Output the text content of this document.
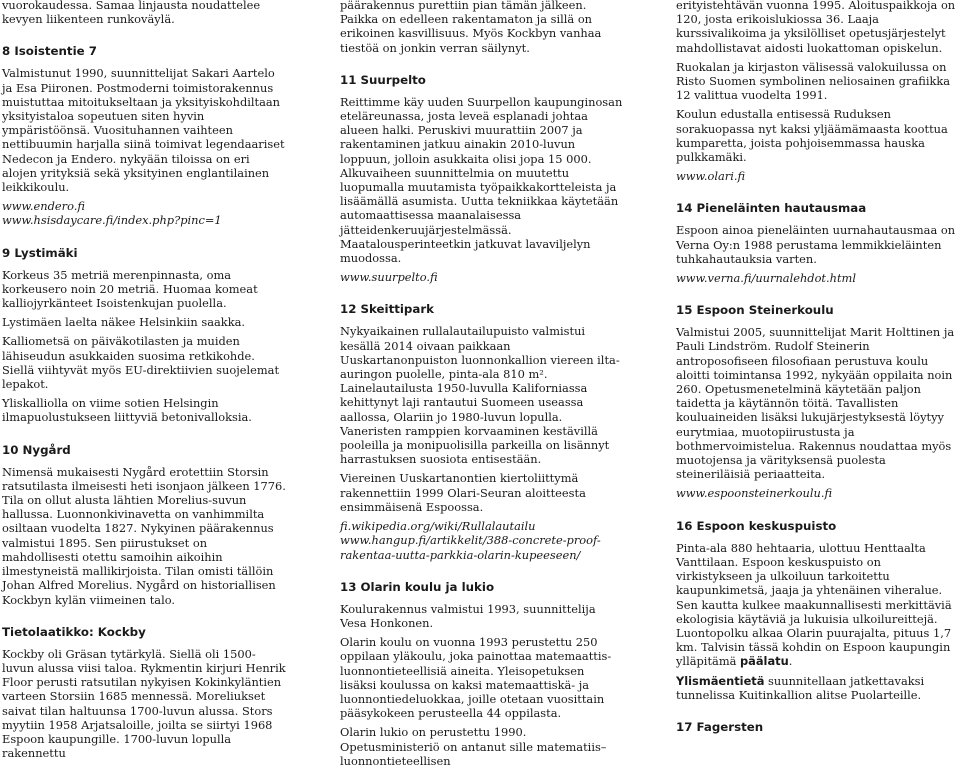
vuorokaudessa. Samaa linjausta noudattelee kevyen liikenteen runkoväylä.

8 Isoistentie 7

Valmistunut 1990, suunnittelijat Sakari Aartelo ja Esa Piironen. Postmoderni toimistorakennus muistuttaa mitoitukseltaan ja yksityiskohdiltaan yksityistaloa sopeutuen siten hyvin ympäristöönsä. Vuosituhannen vaihteen nettibuumin harjalla siinä toimivat legendaariset Nedecon ja Endero. nykyään tiloissa on eri alojen yrityksiä sekä yksityinen englantilainen leikkikoulu.

www.endero.fi

www.hsisdaycare.fi/index.php?pinc=1

9 Lystimäki

Korkeus 35 metriä merenpinnasta, oma korkeusero noin 20 metriä. Huomaa komeat kalliojyrkänteet Isoistenkujan puolella.

Lystimäen laelta näkee Helsinkiin saakka.

Kalliometsä on päiväkotilasten ja muiden lähiseudun asukkaiden suosima retkikohde. Siellä viihtyvät myös EU-direktiivien suojelemat lepakot.

Yliskalliolla on viime sotien Helsingin ilmapuolustukseen liittyviä betonivalloksia.

10 Nygård

Nimensä mukaisesti Nygård erotettiin Storsin ratsutilasta ilmeisesti heti isonjaon jälkeen 1776. Tila on ollut alusta lähtien Morelius-suvun hallussa. Luonnonkivinavetta on vanhimmilta osiltaan vuodelta 1827. Nykyinen päärakennus valmistui 1895. Sen piirustukset on mahdollisesti otettu samoihin aikoihin ilmestyneistä mallikirjoista. Tilan omisti tällöin Johan Alfred Morelius. Nygård on historiallisen Kockbyn kylän viimeinen talo.

Tietolaatikko: Kockby

Kockby oli Gräsan tytärkylä. Siellä oli 1500-luvun alussa viisi taloa. Rykmentin kirjuri Henrik Floor perusti ratsutilan nykyisen Kokinkyläntien varteen Storsiin 1685 mennessä. Moreliukset saivat tilan haltuunsa 1700-luvun alussa. Stors myytiin 1958 Arjatsaloille, joilta se siirtyi 1968 Espoon kaupungille. 1700-luvun lopulla rakennettu

päärakennus purettiin pian tämän jälkeen. Paikka on edelleen rakentamaton ja sillä on erikoinen kasvillisuus. Myös Kockbyn vanhaa tiestöä on jonkin verran säilynyt.

11 Suurpelto

Reittimme käy uuden Suurpellon kaupunginosan eteläreunassa, josta leveä esplanadi johtaa alueen halki. Peruskivi muurattiin 2007 ja rakentaminen jatkuu ainakin 2010-luvun loppuun, jolloin asukkaita olisi jopa 15 000. Alkuvaiheen suunnittelmia on muutettu luopumalla muutamista työpaikkakortteleista ja lisäämällä asumista. Uutta tekniikkaa käytetään automaattisessa maanalaisessa jätteidenkeruujärjestelmässä. Maatalousperinteetkin jatkuvat lavaviljelyn muodossa.

www.suurpelto.fi

12 Skeittipark

Nykyaikainen rullalautailupuisto valmistui kesällä 2014 oivaan paikkaan Uuskartanonpuiston luonnonkallion viereen ilta-auringon puolelle, pinta-ala 810 m². Lainelautailusta 1950-luvulla Kaliforniassa kehittynyt laji rantautui Suomeen useassa aallossa, Olariin jo 1980-luvun lopulla. Vaneristen ramppien korvaaminen kestävillä pooleilla ja monipuolisilla parkeilla on lisännyt harrastuksen suosiota entisestään.

Viereinen Uuskartanontien kiertoliittymä rakennettiin 1999 Olari-Seuran aloitteesta ensimmäisenä Espoossa.

fi.wikipedia.org/wiki/Rullalautailu

www.hangup.fi/artikkelit/388-concrete-proof-rakentaa-uutta-parkkia-olarin-kupeeseen/

13 Olarin koulu ja lukio

Koulurakennus valmistui 1993, suunnittelija Vesa Honkonen.

Olarin koulu on vuonna 1993 perustettu 250 oppilaan yläkoulu, joka painottaa matemaattis-luonnontieteellisiä aineita. Yleisopetuksen lisäksi koulussa on kaksi matemaattiskä- ja luonnontiedeluokkaa, joille otetaan vuosittain pääsykokeen perusteella 44 oppilasta.

Olarin lukio on perustettu 1990. Opetusministeriö on antanut sille matematiis– luonnontieteellisen

erityistehtävän vuonna 1995. Aloituspaikkoja on 120, josta erikoislukiossa 36. Laaja kurssivalikoima ja yksilölliset opetusjärjestelyt mahdollistavat aidosti luokattoman opiskelun.

Ruokalan ja kirjaston välisessä valokuilussa on Risto Suomen symbolinen neliosainen grafiikka 12 valittua vuodelta 1991.

Koulun edustalla entisessä Ruduksen sorakuopassa nyt kaksi yljäämämaasta koottua kumparetta, joista pohjoisemmassa hauska pulkkamäki.

www.olari.fi

14 Pieneläinten hautausmaa

Espoon ainoa pieneläinten uurnahautausmaa on Verna Oy:n 1988 perustama lemmikkieläinten tuhkahautauksia varten.

www.verna.fi/uurnalehdot.html

15 Espoon Steinerkoulu

Valmistui 2005, suunnittelijat Marit Holttinen ja Pauli Lindström. Rudolf Steinerin antroposofiseen filosofiaan perustuva koulu aloitti toimintansa 1992, nykyään oppilaita noin 260. Opetusmenetelminä käytetään paljon taidetta ja käytännön töitä. Tavallisten kouluaineiden lisäksi lukujärjestyksestä löytyy eurytmiaa, muotopiirustusta ja bothmervoimistelua. Rakennus noudattaa myös muotojensa ja värityksensä puolesta steineriläisiä periaatteita.

www.espoonsteinerkoulu.fi

16 Espoon keskuspuisto

Pinta-ala 880 hehtaaria, ulottuu Henttaalta Vanttilaan. Espoon keskuspuisto on virkistykseen ja ulkoiluun tarkoitettu kaupunkimetsä, jaaja ja yhtenäinen viheralue. Sen kautta kulkee maakunnallisesti merkittäviä ekologisia käytäviä ja lukuisia ulkoilureittejä. Luontopolku alkaa Olarin puurajalta, pituus 1,7 km. Talvisin tässä kohdin on Espoon kaupungin ylläpitämä päälatu.

Ylismäentietä suunnitellaan jatkettavaksi tunnelissa Kuitinkallion alitse Puolarteille.

17 Fagersten
